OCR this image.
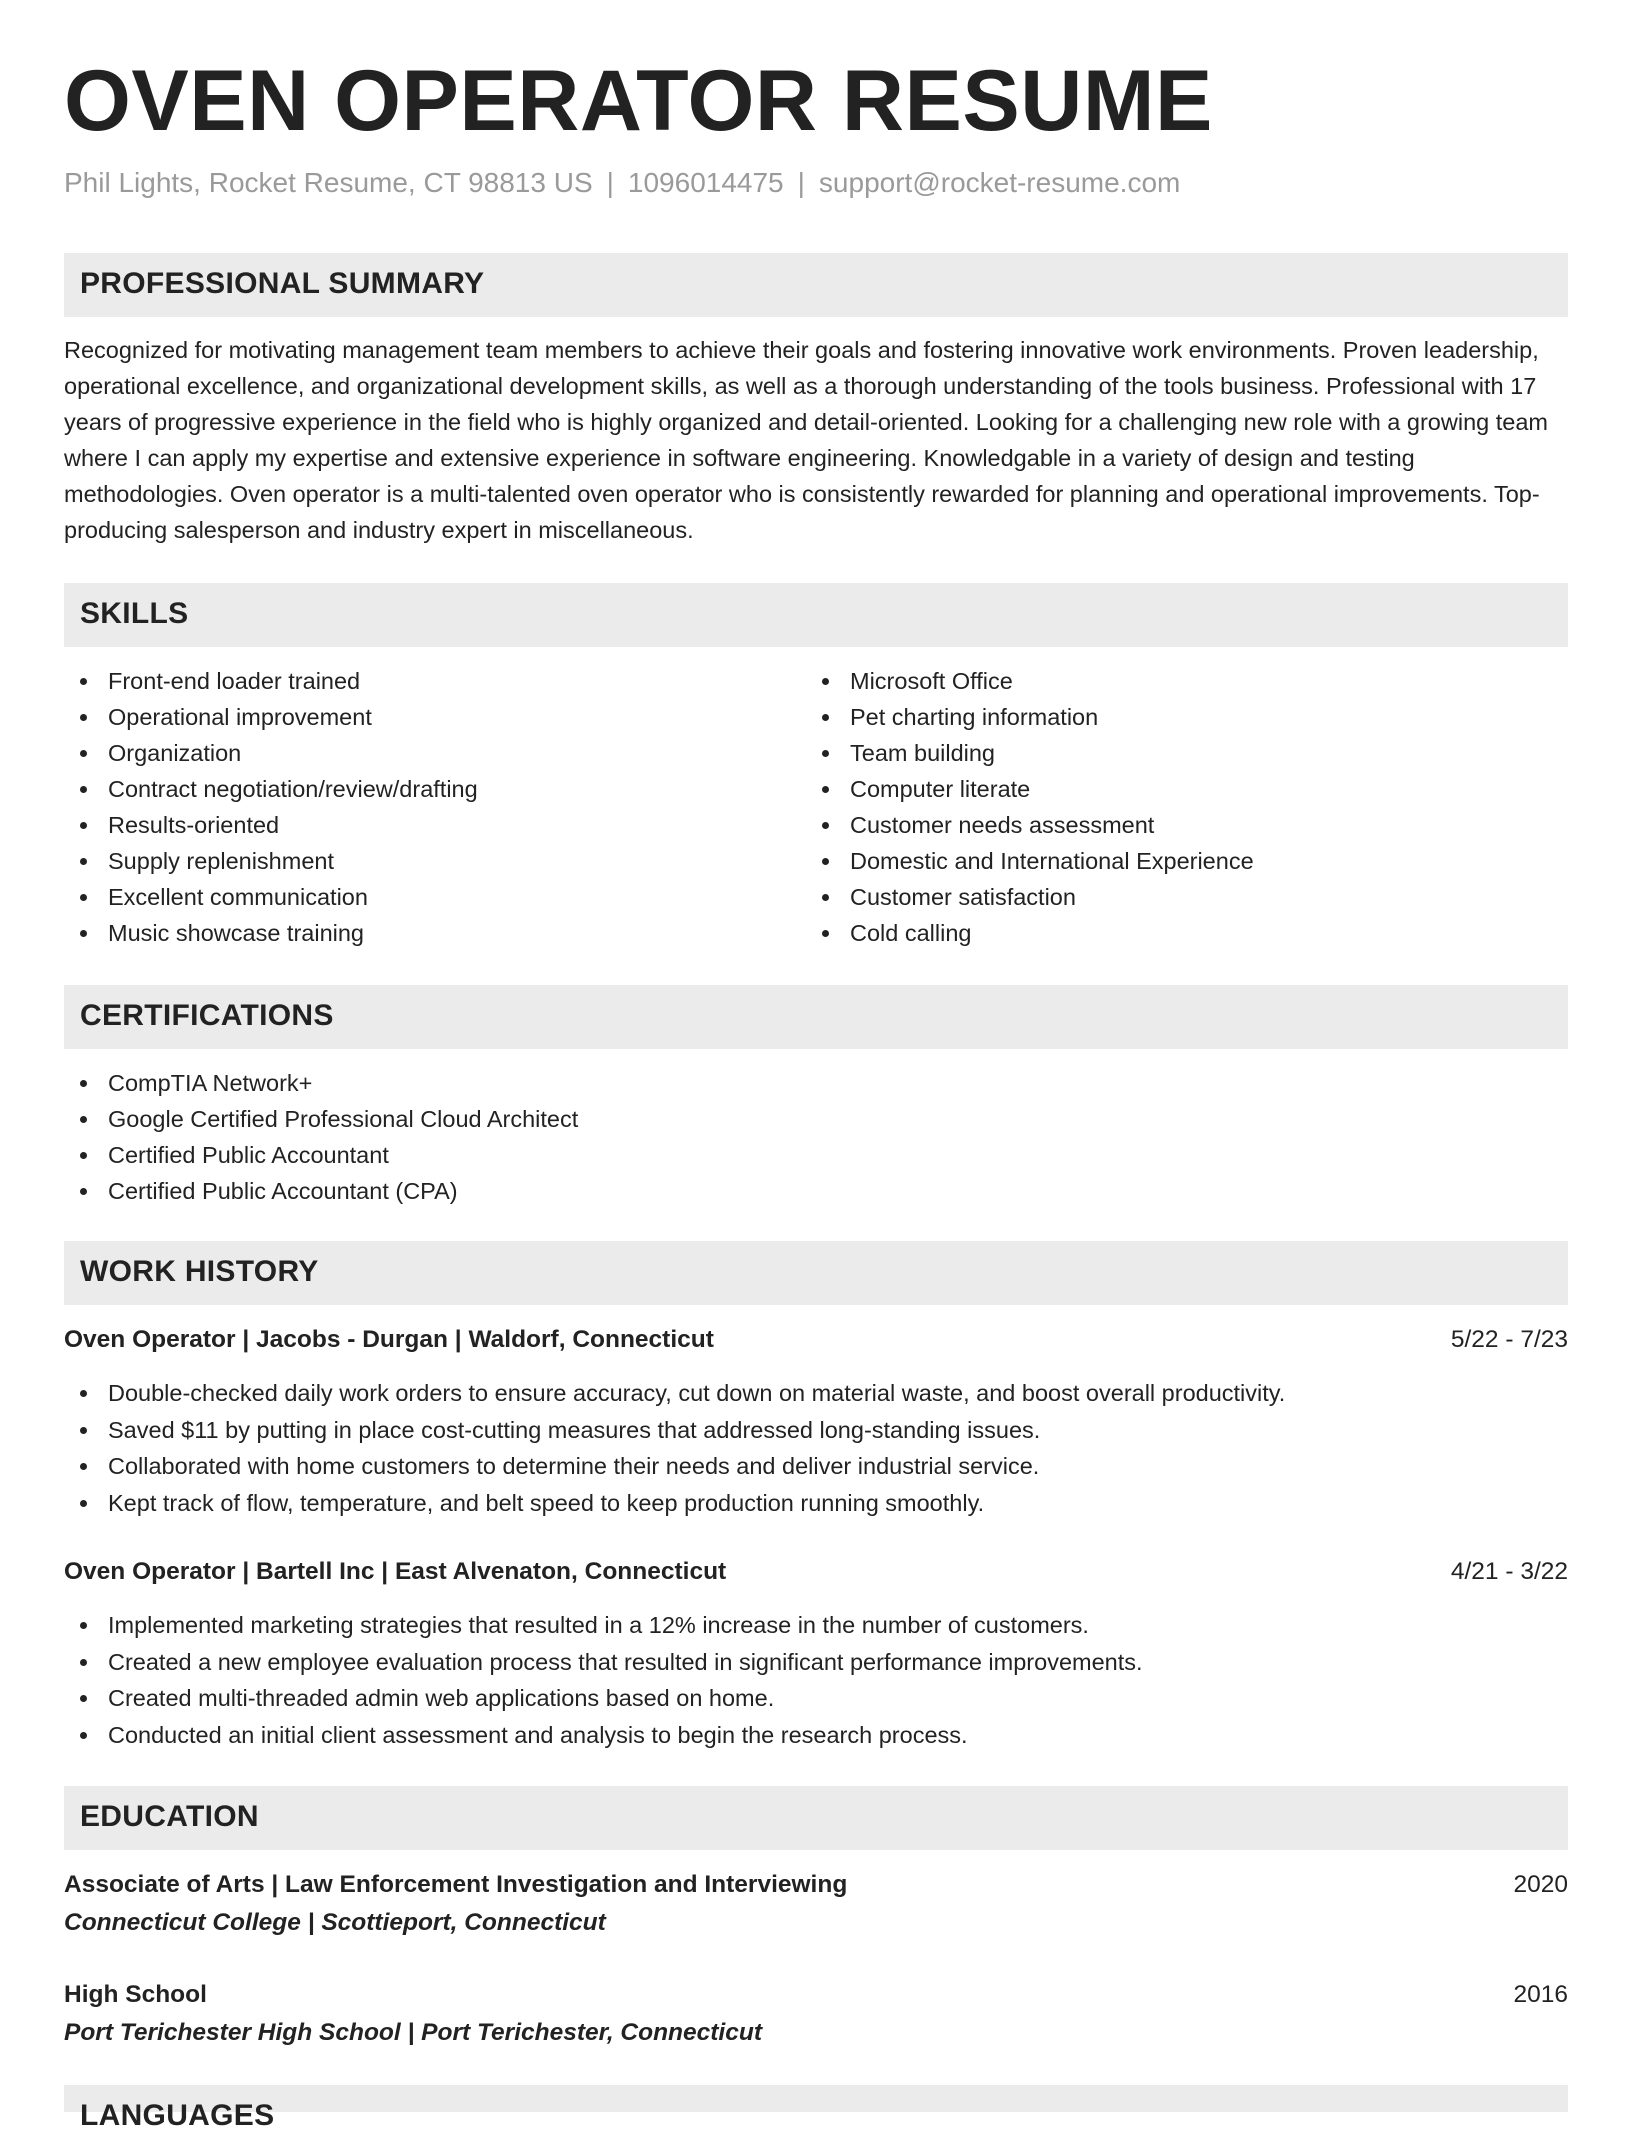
OVEN OPERATOR RESUME
Phil Lights, Rocket Resume, CT 98813 US | 1096014475 | support@rocket-resume.com
PROFESSIONAL SUMMARY

Recognized for motivating management team members to achieve their goals and fostering innovative work environments. Proven leadership, operational excellence, and organizational development skills, as well as a thorough understanding of the tools business. Professional with 17 years of progressive experience in the field who is highly organized and detail-oriented. Looking for a challenging new role with a growing team where I can apply my expertise and extensive experience in software engineering. Knowledgable in a variety of design and testing methodologies. Oven operator is a multi-talented oven operator who is consistently rewarded for planning and operational improvements. Top-producing salesperson and industry expert in miscellaneous.

SKILLS
Front-end loader trained
Operational improvement
Organization
Contract negotiation/review/drafting
Results-oriented
Supply replenishment
Excellent communication
Music showcase training
Microsoft Office
Pet charting information
Team building
Computer literate
Customer needs assessment
Domestic and International Experience
Customer satisfaction
Cold calling
CERTIFICATIONS
CompTIA Network+
Google Certified Professional Cloud Architect
Certified Public Accountant
Certified Public Accountant (CPA)
WORK HISTORY
Oven Operator | Jacobs - Durgan | Waldorf, Connecticut	5/22 - 7/23
Double-checked daily work orders to ensure accuracy, cut down on material waste, and boost overall productivity.
Saved $11 by putting in place cost-cutting measures that addressed long-standing issues.
Collaborated with home customers to determine their needs and deliver industrial service.
Kept track of flow, temperature, and belt speed to keep production running smoothly.
Oven Operator | Bartell Inc | East Alvenaton, Connecticut	4/21 - 3/22
Implemented marketing strategies that resulted in a 12% increase in the number of customers.
Created a new employee evaluation process that resulted in significant performance improvements.
Created multi-threaded admin web applications based on home.
Conducted an initial client assessment and analysis to begin the research process.
EDUCATION
Associate of Arts | Law Enforcement Investigation and Interviewing	2020
Connecticut College | Scottieport, Connecticut
High School	2016
Port Terichester High School | Port Terichester, Connecticut
LANGUAGES
